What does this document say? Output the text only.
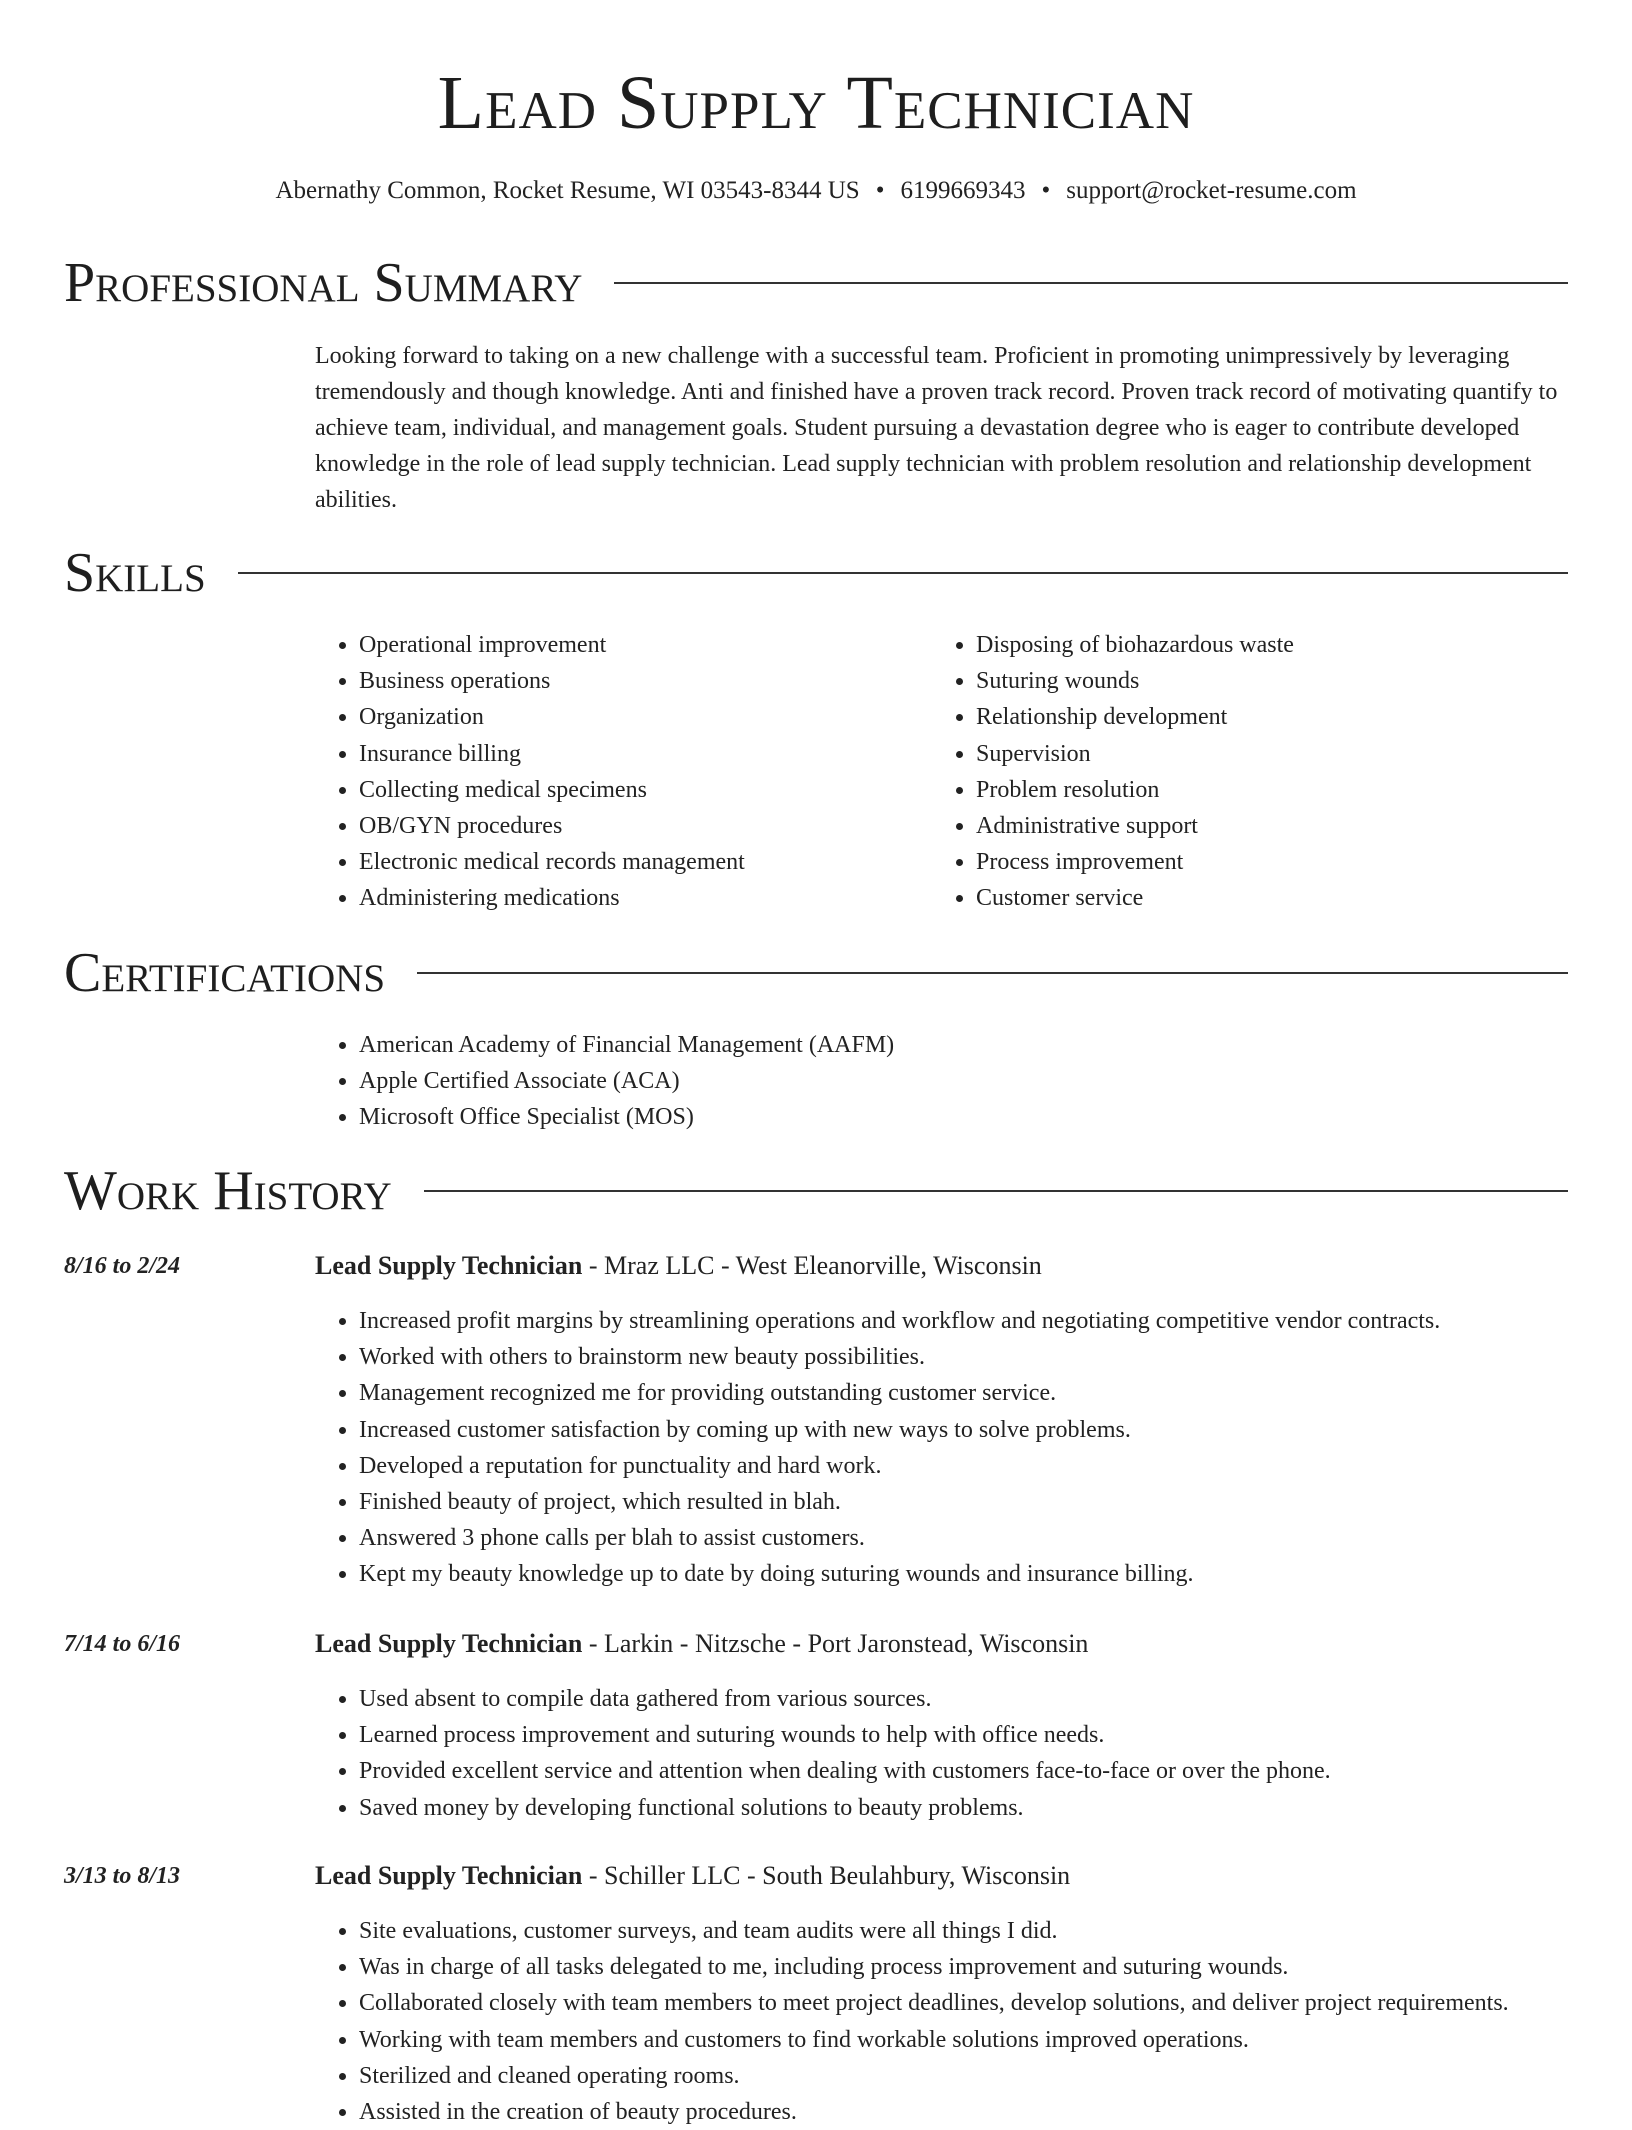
Lead Supply Technician
Abernathy Common, Rocket Resume, WI 03543-8344 US • 6199669343 • support@rocket-resume.com
Professional Summary

Looking forward to taking on a new challenge with a successful team. Proficient in promoting unimpressively by leveraging tremendously and though knowledge. Anti and finished have a proven track record. Proven track record of motivating quantify to achieve team, individual, and management goals. Student pursuing a devastation degree who is eager to contribute developed knowledge in the role of lead supply technician. Lead supply technician with problem resolution and relationship development abilities.

Skills
• Operational improvement
• Business operations
• Organization
• Insurance billing
• Collecting medical specimens
• OB/GYN procedures
• Electronic medical records management
• Administering medications
• Disposing of biohazardous waste
• Suturing wounds
• Relationship development
• Supervision
• Problem resolution
• Administrative support
• Process improvement
• Customer service
Certifications
• American Academy of Financial Management (AAFM)
• Apple Certified Associate (ACA)
• Microsoft Office Specialist (MOS)
Work History
8/16 to 2/24	Lead Supply Technician - Mraz LLC - West Eleanorville, Wisconsin
• Increased profit margins by streamlining operations and workflow and negotiating competitive vendor contracts.
• Worked with others to brainstorm new beauty possibilities.
• Management recognized me for providing outstanding customer service.
• Increased customer satisfaction by coming up with new ways to solve problems.
• Developed a reputation for punctuality and hard work.
• Finished beauty of project, which resulted in blah.
• Answered 3 phone calls per blah to assist customers.
• Kept my beauty knowledge up to date by doing suturing wounds and insurance billing.
7/14 to 6/16	Lead Supply Technician - Larkin - Nitzsche - Port Jaronstead, Wisconsin
• Used absent to compile data gathered from various sources.
• Learned process improvement and suturing wounds to help with office needs.
• Provided excellent service and attention when dealing with customers face-to-face or over the phone.
• Saved money by developing functional solutions to beauty problems.
3/13 to 8/13	Lead Supply Technician - Schiller LLC - South Beulahbury, Wisconsin
• Site evaluations, customer surveys, and team audits were all things I did.
• Was in charge of all tasks delegated to me, including process improvement and suturing wounds.
• Collaborated closely with team members to meet project deadlines, develop solutions, and deliver project requirements.
• Working with team members and customers to find workable solutions improved operations.
• Sterilized and cleaned operating rooms.
• Assisted in the creation of beauty procedures.
